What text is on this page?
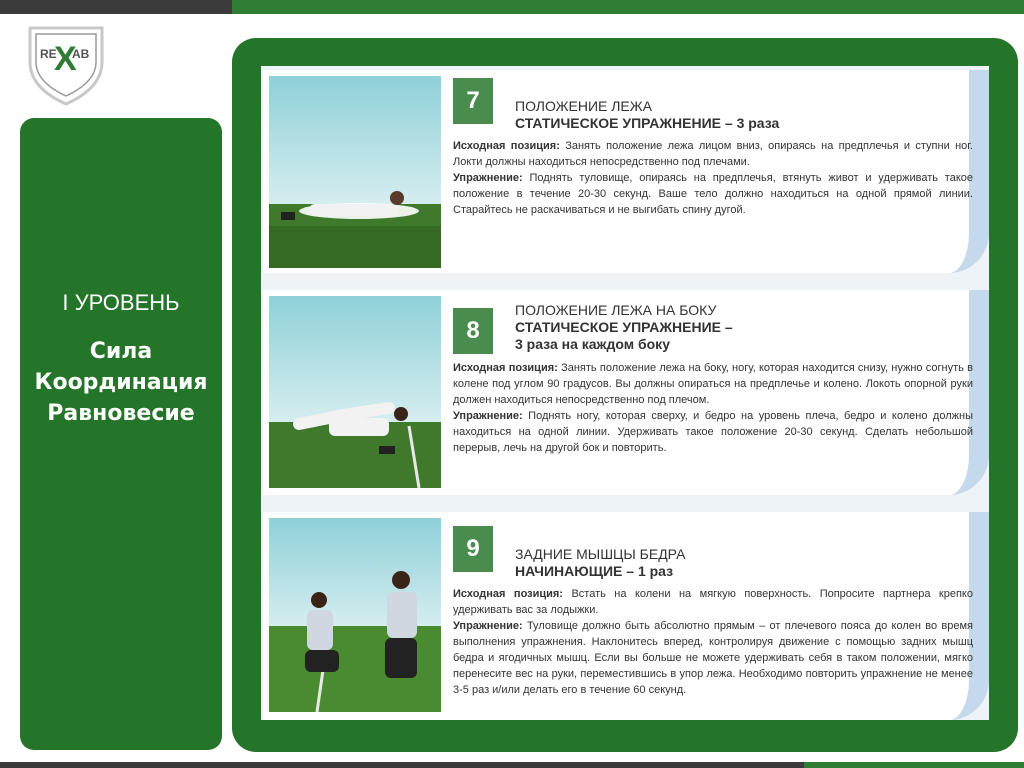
RE AB
X
I УРОВЕНЬ
Сила
Координация
Равновесие
7	ПОЛОЖЕНИЕ ЛЕЖА
СТАТИЧЕСКОЕ УПРАЖНЕНИЕ – 3 раза

Исходная позиция: Занять положение лежа лицом вниз, опираясь на предплечья и ступни ног. Локти должны находиться непосредственно под плечами.

Упражнение: Поднять туловище, опираясь на предплечья, втянуть живот и удерживать такое положение в течение 20-30 секунд. Ваше тело должно находиться на одной прямой линии. Старайтесь не раскачиваться и не выгибать спину дугой.

8
ПОЛОЖЕНИЕ ЛЕЖА НА БОКУ
СТАТИЧЕСКОЕ УПРАЖНЕНИЕ –
3 раза на каждом боку

Исходная позиция: Занять положение лежа на боку, ногу, которая находится снизу, нужно согнуть в колене под углом 90 градусов. Вы должны опираться на предплечье и колено. Локоть опорной руки должен находиться непосредственно под плечом.

Упражнение: Поднять ногу, которая сверху, и бедро на уровень плеча, бедро и колено должны находиться на одной линии. Удерживать такое положение 20-30 секунд. Сделать небольшой перерыв, лечь на другой бок и повторить.

9	ЗАДНИЕ МЫШЦЫ БЕДРА
НАЧИНАЮЩИЕ – 1 раз

Исходная позиция: Встать на колени на мягкую поверхность. Попросите партнера крепко удерживать вас за лодыжки.

Упражнение: Туловище должно быть абсолютно прямым – от плечевого пояса до колен во время выполнения упражнения. Наклонитесь вперед, контролируя движение с помощью задних мышц бедра и ягодичных мышц. Если вы больше не можете удерживать себя в таком положении, мягко перенесите вес на руки, переместившись в упор лежа. Необходимо повторить упражнение не менее 3-5 раз и/или делать его в течение 60 секунд.
